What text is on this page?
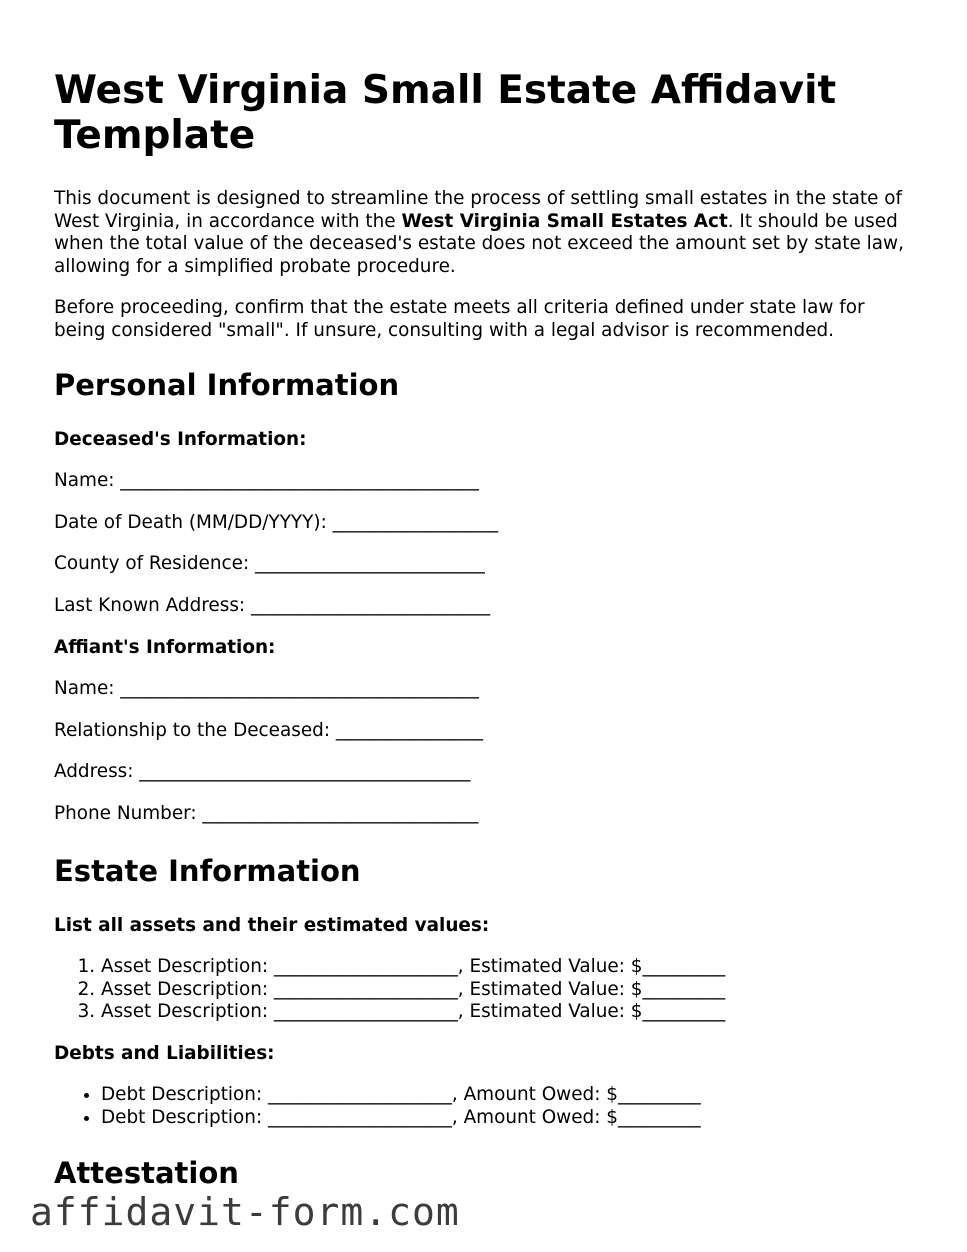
West Virginia Small Estate Affidavit Template

This document is designed to streamline the process of settling small estates in the state of West Virginia, in accordance with the West Virginia Small Estates Act. It should be used when the total value of the deceased's estate does not exceed the amount set by state law, allowing for a simplified probate procedure.

Before proceeding, confirm that the estate meets all criteria defined under state law for being considered "small". If unsure, consulting with a legal advisor is recommended.

Personal Information
Deceased's Information:
Name: _______________________________________
Date of Death (MM/DD/YYYY): __________________
County of Residence: _________________________
Last Known Address: __________________________
Affiant's Information:
Name: _______________________________________
Relationship to the Deceased: ________________
Address: ____________________________________
Phone Number: ______________________________
Estate Information
List all assets and their estimated values:
1. Asset Description: ____________________, Estimated Value: $_________
2. Asset Description: ____________________, Estimated Value: $_________
3. Asset Description: ____________________, Estimated Value: $_________
Debts and Liabilities:
• Debt Description: ____________________, Amount Owed: $_________
• Debt Description: ____________________, Amount Owed: $_________
Attestation
affidavit-form.com
